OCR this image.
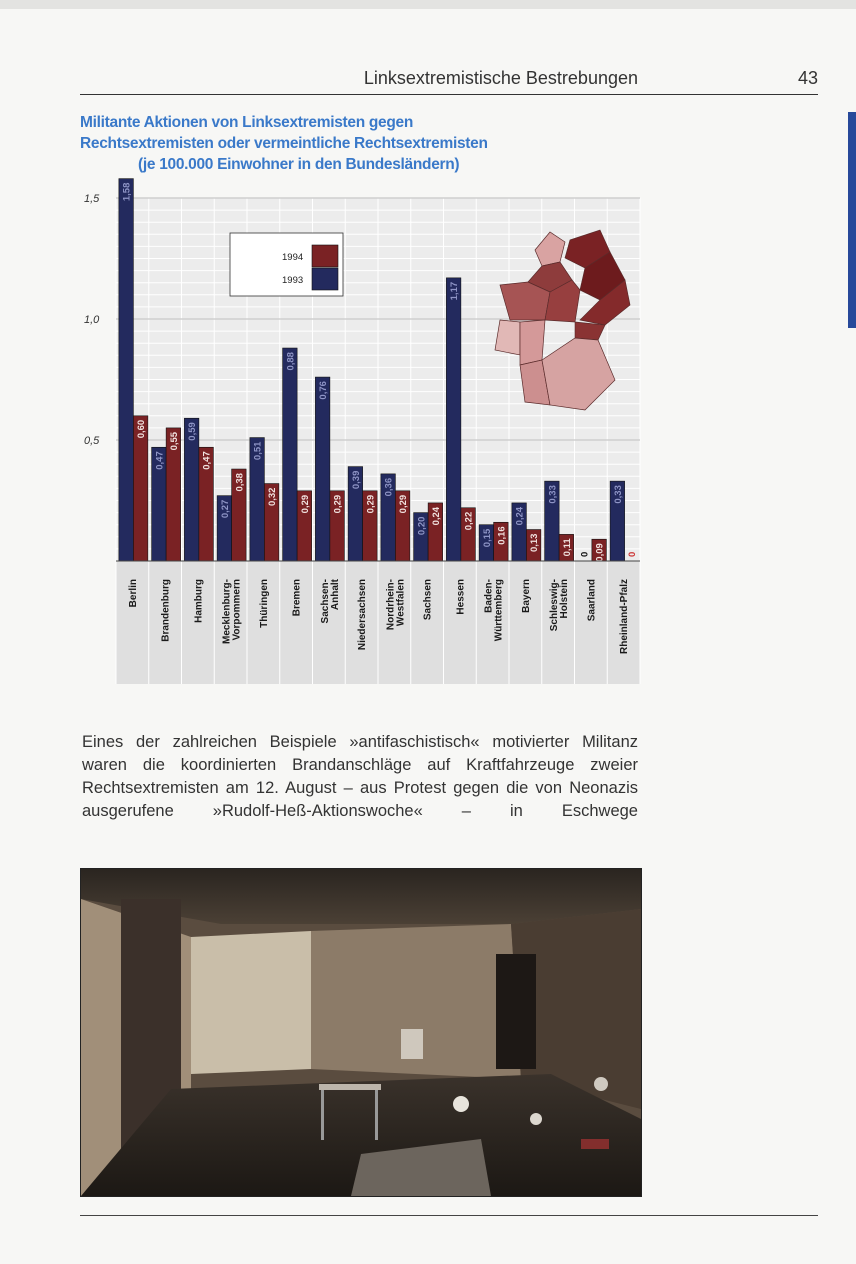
Linksextremistische Bestrebungen	43
Militante Aktionen von Linksextremisten gegen
Rechtsextremisten oder vermeintliche Rechtsextremisten
(je 100.000 Einwohner in den Bundesländern)
0,5
1,0
1,5
1994
1993
1,58
0,60
Berlin
0,47
0,55
Brandenburg
0,59
0,47
Hamburg
0,27
0,38
Mecklenburg-Vorpommern
0,51
0,32
Thüringen
0,88
0,29
Bremen
0,76
0,29
Sachsen-Anhalt
0,39
0,29
Niedersachsen
0,36
0,29
Nordrhein-Westfalen
0,20
0,24
Sachsen
1,17
0,22
Hessen
0,15 0,16
Baden-Württemberg
0,24
0,13
Bayern
0,33
0,11
Schleswig-Holstein
0 0,09
Saarland
0,33
0
Rheinland-Pfalz

Eines der zahlreichen Beispiele »antifaschistisch« motivierter Militanz waren die koordinierten Brandanschläge auf Kraftfahrzeuge zweier Rechtsextremisten am 12. August – aus Protest gegen die von Neonazis ausgerufene »Rudolf-Heß-Aktionswoche« – in Eschwege
